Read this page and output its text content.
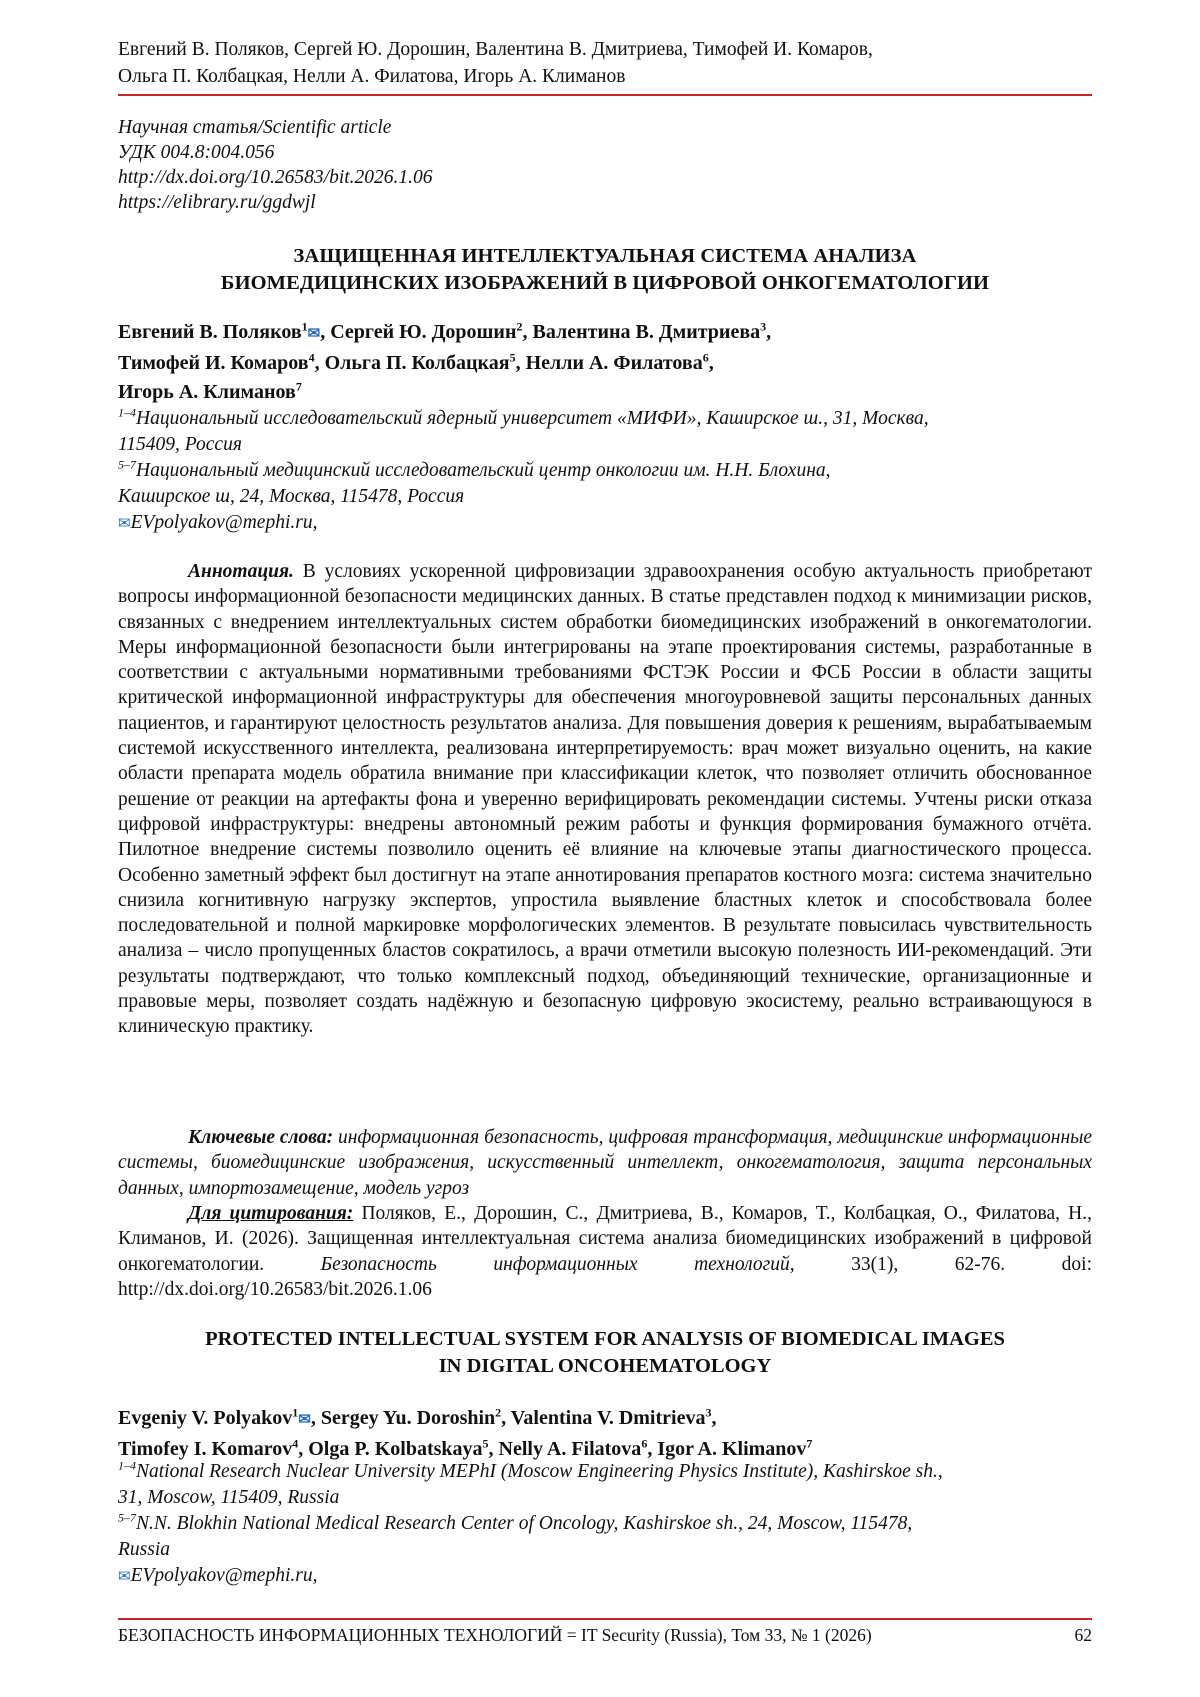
Евгений В. Поляков, Сергей Ю. Дорошин, Валентина В. Дмитриева, Тимофей И. Комаров,
Ольга П. Колбацкая, Нелли А. Филатова, Игорь А. Климанов
Научная статья/Scientific article
УДК 004.8:004.056
http://dx.doi.org/10.26583/bit.2026.1.06
https://elibrary.ru/ggdwjl
ЗАЩИЩЕННАЯ ИНТЕЛЛЕКТУАЛЬНАЯ СИСТЕМА АНАЛИЗА
БИОМЕДИЦИНСКИХ ИЗОБРАЖЕНИЙ В ЦИФРОВОЙ ОНКОГЕМАТОЛОГИИ
Евгений В. Поляков$^1$✉, Сергей Ю. Дорошин$^2$, Валентина В. Дмитриева$^3$,
Тимофей И. Комаров$^4$, Ольга П. Колбацкая$^5$, Нелли А. Филатова$^6$,
Игорь А. Климанов$^7$
$^{1-4}$Национальный исследовательский ядерный университет «МИФИ», Каширское ш., 31, Москва,
115409, Россия
$^{5-7}$Национальный медицинский исследовательский центр онкологии им. Н.Н. Блохина,
Каширское ш, 24, Москва, 115478, Россия
✉EVpolyakov@mephi.ru,
Аннотация. В условиях ускоренной цифровизации здравоохранения особую актуальность приобретают вопросы информационной безопасности медицинских данных. В статье представлен подход к минимизации рисков, связанных с внедрением интеллектуальных систем обработки биомедицинских изображений в онкогематологии. Меры информационной безопасности были интегрированы на этапе проектирования системы, разработанные в соответствии с актуальными нормативными требованиями ФСТЭК России и ФСБ России в области защиты критической информационной инфраструктуры для обеспечения многоуровневой защиты персональных данных пациентов, и гарантируют целостность результатов анализа. Для повышения доверия к решениям, вырабатываемым системой искусственного интеллекта, реализована интерпретируемость: врач может визуально оценить, на какие области препарата модель обратила внимание при классификации клеток, что позволяет отличить обоснованное решение от реакции на артефакты фона и уверенно верифицировать рекомендации системы. Учтены риски отказа цифровой инфраструктуры: внедрены автономный режим работы и функция формирования бумажного отчёта. Пилотное внедрение системы позволило оценить её влияние на ключевые этапы диагностического процесса. Особенно заметный эффект был достигнут на этапе аннотирования препаратов костного мозга: система значительно снизила когнитивную нагрузку экспертов, упростила выявление бластных клеток и способствовала более последовательной и полной маркировке морфологических элементов. В результате повысилась чувствительность анализа – число пропущенных бластов сократилось, а врачи отметили высокую полезность ИИ-рекомендаций. Эти результаты подтверждают, что только комплексный подход, объединяющий технические, организационные и правовые меры, позволяет создать надёжную и безопасную цифровую экосистему, реально встраивающуюся в клиническую практику.
Ключевые слова: информационная безопасность, цифровая трансформация, медицинские информационные системы, биомедицинские изображения, искусственный интеллект, онкогематология, защита персональных данных, импортозамещение, модель угроз
Для цитирования: Поляков, Е., Дорошин, С., Дмитриева, В., Комаров, Т., Колбацкая, О., Филатова, Н., Климанов, И. (2026). Защищенная интеллектуальная система анализа биомедицинских изображений в цифровой онкогематологии.	Безопасность информационных технологий,	33(1), 62-76. doi: http://dx.doi.org/10.26583/bit.2026.1.06
PROTECTED INTELLECTUAL SYSTEM FOR ANALYSIS OF BIOMEDICAL IMAGES
IN DIGITAL ONCOHEMATOLOGY
Evgeniy V. Polyakov$^1$✉, Sergey Yu. Doroshin$^2$, Valentina V. Dmitrieva$^3$,
Timofey I. Komarov$^4$, Olga P. Kolbatskaya$^5$, Nelly A. Filatova$^6$, Igor A. Klimanov$^7$
$^{1-4}$National Research Nuclear University MEPhI (Moscow Engineering Physics Institute), Kashirskoe sh.,
31, Moscow, 115409, Russia
$^{5-7}$N.N. Blokhin National Medical Research Center of Oncology, Kashirskoe sh., 24, Moscow, 115478,
Russia
✉EVpolyakov@mephi.ru,
БЕЗОПАСНОСТЬ ИНФОРМАЦИОННЫХ ТЕХНОЛОГИЙ = IT Security (Russia), Том 33, № 1 (2026)	62
